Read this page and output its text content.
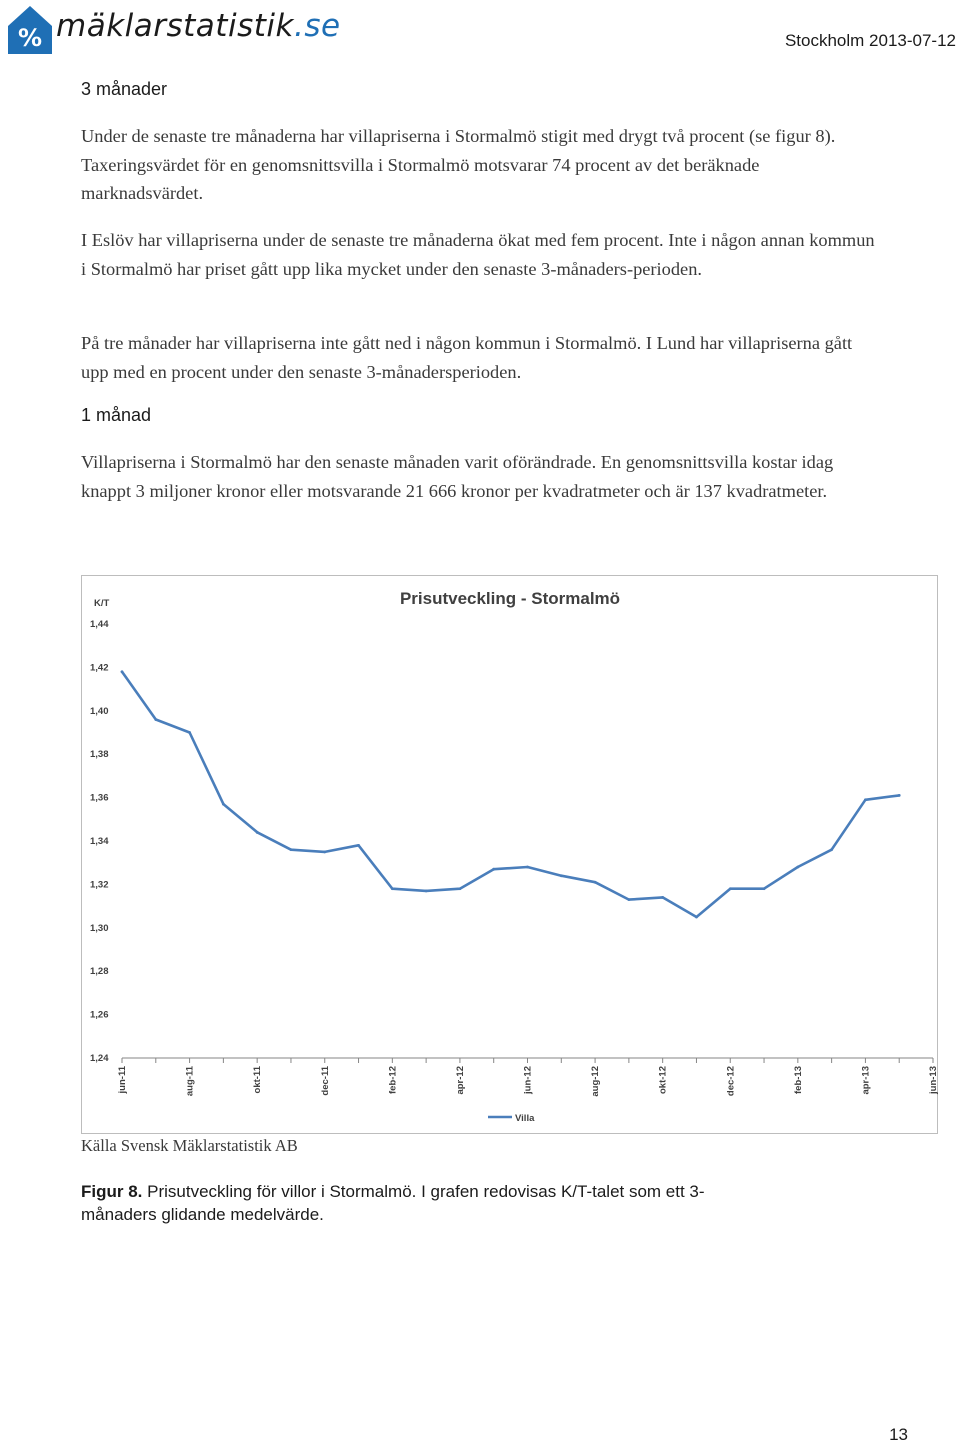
% mäklarstatistik.se	Stockholm 2013-07-12
3 månader
Under de senaste tre månaderna har villapriserna i Stormalmö stigit med drygt två procent (se figur 8). Taxeringsvärdet för en genomsnittsvilla i Stormalmö motsvarar 74 procent av det beräknade marknadsvärdet.
I Eslöv har villapriserna under de senaste tre månaderna ökat med fem procent. Inte i någon annan kommun i Stormalmö har priset gått upp lika mycket under den senaste 3-månaders-perioden.
På tre månader har villapriserna inte gått ned i någon kommun i Stormalmö. I Lund har villapriserna gått upp med en procent under den senaste 3-månadersperioden.
1 månad
Villapriserna i Stormalmö har den senaste månaden varit oförändrade. En genomsnittsvilla kostar idag knappt 3 miljoner kronor eller motsvarande 21 666 kronor per kvadratmeter och är 137 kvadratmeter.
Prisutveckling - Stormalmö
K/T
1,44
1,42
1,40
1,38
1,36
1,34
1,32
1,30
1,28
1,26
1,24
jun-11	aug-11	okt-11	dec-11	feb-12	apr-12	jun-12	aug-12	okt-12	dec-12	feb-13	apr-13	jun-13
Villa
Källa Svensk Mäklarstatistik AB
Figur 8. Prisutveckling för villor i Stormalmö. I grafen redovisas K/T-talet som ett 3-månaders glidande medelvärde.
13
